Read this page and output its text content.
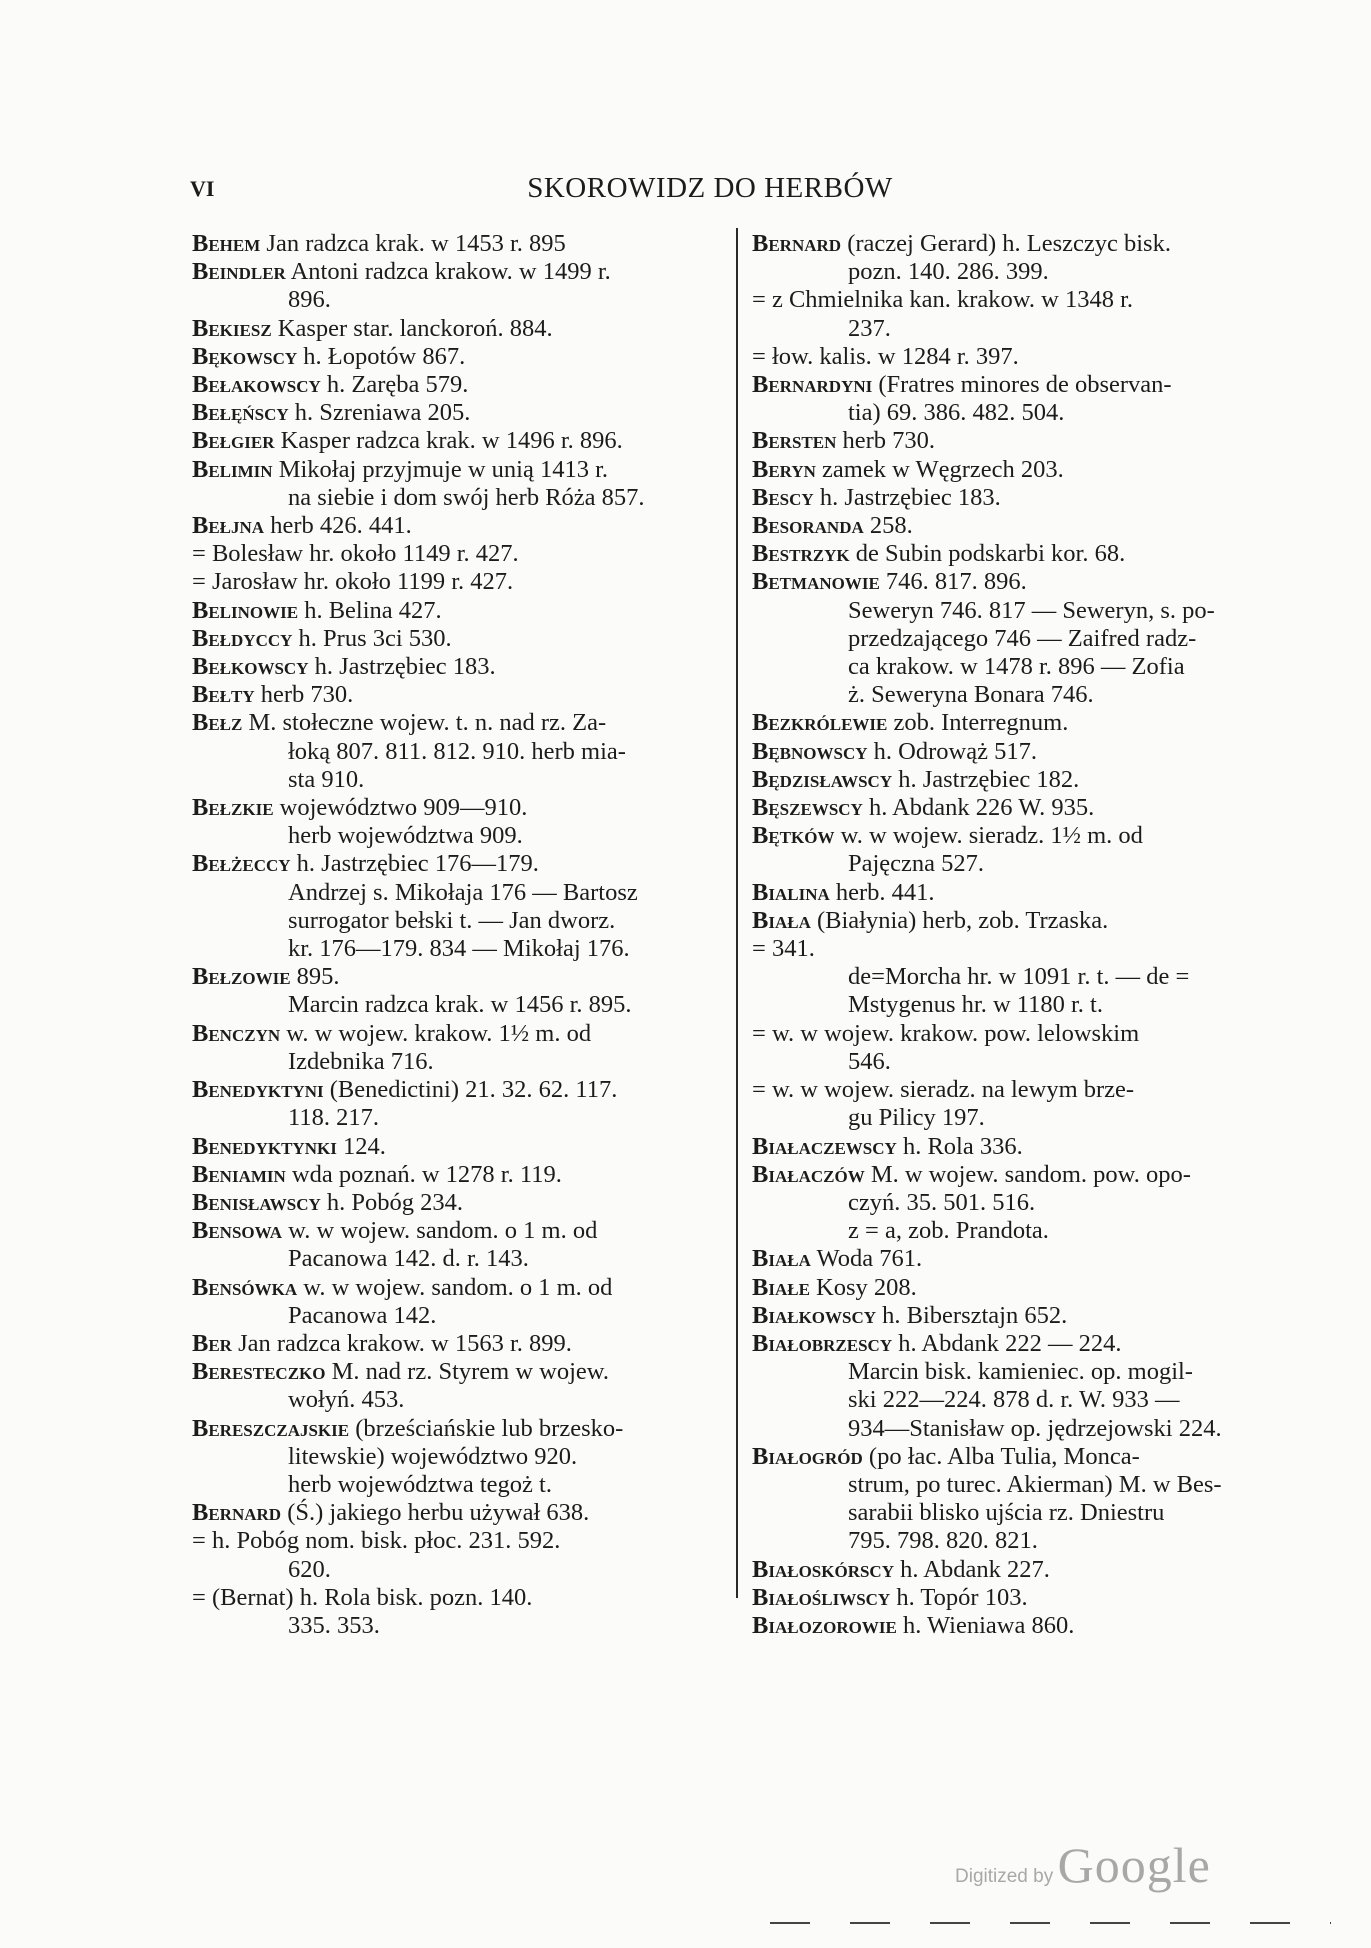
VI	SKOROWIDZ DO HERBÓW
Behem Jan radzca krak. w 1453 r. 895
Beindler Antoni radzca krakow. w 1499 r.
896.
Bekiesz Kasper star. lanckoroń. 884.
Bękowscy h. Łopotów 867.
Bełakowscy h. Zaręba 579.
Bełęńscy h. Szreniawa 205.
Bełgier Kasper radzca krak. w 1496 r. 896.
Belimin Mikołaj przyjmuje w unią 1413 r.
na siebie i dom swój herb Róża 857.
Bełjna herb 426. 441.
= Bolesław hr. około 1149 r. 427.
= Jarosław hr. około 1199 r. 427.
Belinowie h. Belina 427.
Bełdyccy h. Prus 3ci 530.
Bełkowscy h. Jastrzębiec 183.
Bełty herb 730.
Bełz M. stołeczne wojew. t. n. nad rz. Za-
łoką 807. 811. 812. 910. herb mia-
sta 910.
Bełzkie województwo 909—910.
herb województwa 909.
Bełżeccy h. Jastrzębiec 176—179.
Andrzej s. Mikołaja 176 — Bartosz
surrogator bełski t. — Jan dworz.
kr. 176—179. 834 — Mikołaj 176.
Bełzowie 895.
Marcin radzca krak. w 1456 r. 895.
Benczyn w. w wojew. krakow. 1½ m. od
Izdebnika 716.
Benedyktyni (Benedictini) 21. 32. 62. 117.
118. 217.
Benedyktynki 124.
Beniamin wda poznań. w 1278 r. 119.
Benisławscy h. Pobóg 234.
Bensowa w. w wojew. sandom. o 1 m. od
Pacanowa 142. d. r. 143.
Bensówka w. w wojew. sandom. o 1 m. od
Pacanowa 142.
Ber Jan radzca krakow. w 1563 r. 899.
Beresteczko M. nad rz. Styrem w wojew.
wołyń. 453.
Bereszczajskie (brześciańskie lub brzesko-
litewskie) województwo 920.
herb województwa tegoż t.
Bernard (Ś.) jakiego herbu używał 638.
= h. Pobóg nom. bisk. płoc. 231. 592.
620.
= (Bernat) h. Rola bisk. pozn. 140.
335. 353.
Bernard (raczej Gerard) h. Leszczyc bisk.
pozn. 140. 286. 399.
= z Chmielnika kan. krakow. w 1348 r.
237.
= łow. kalis. w 1284 r. 397.
Bernardyni (Fratres minores de observan-
tia) 69. 386. 482. 504.
Bersten herb 730.
Beryn zamek w Węgrzech 203.
Bescy h. Jastrzębiec 183.
Besoranda 258.
Bestrzyk de Subin podskarbi kor. 68.
Betmanowie 746. 817. 896.
Seweryn 746. 817 — Seweryn, s. po-
przedzającego 746 — Zaifred radz-
ca krakow. w 1478 r. 896 — Zofia
ż. Seweryna Bonara 746.
Bezkrólewie zob. Interregnum.
Bębnowscy h. Odrowąż 517.
Będzisławscy h. Jastrzębiec 182.
Bęszewscy h. Abdank 226 W. 935.
Bętków w. w wojew. sieradz. 1½ m. od
Pajęczna 527.
Bialina herb. 441.
Biała (Białynia) herb, zob. Trzaska.
= 341.
de=Morcha hr. w 1091 r. t. — de =
Mstygenus hr. w 1180 r. t.
= w. w wojew. krakow. pow. lelowskim
546.
= w. w wojew. sieradz. na lewym brze-
gu Pilicy 197.
Białaczewscy h. Rola 336.
Białaczów M. w wojew. sandom. pow. opo-
czyń. 35. 501. 516.
z = a, zob. Prandota.
Biała Woda 761.
Białe Kosy 208.
Białkowscy h. Bibersztajn 652.
Białobrzescy h. Abdank 222 — 224.
Marcin bisk. kamieniec. op. mogil-
ski 222—224. 878 d. r. W. 933 —
934—Stanisław op. jędrzejowski 224.
Białogród (po łac. Alba Tulia, Monca-
strum, po turec. Akierman) M. w Bes-
sarabii blisko ujścia rz. Dniestru
795. 798. 820. 821.
Białoskórscy h. Abdank 227.
Białośliwscy h. Topór 103.
Białozorowie h. Wieniawa 860.
Digitized by Google
